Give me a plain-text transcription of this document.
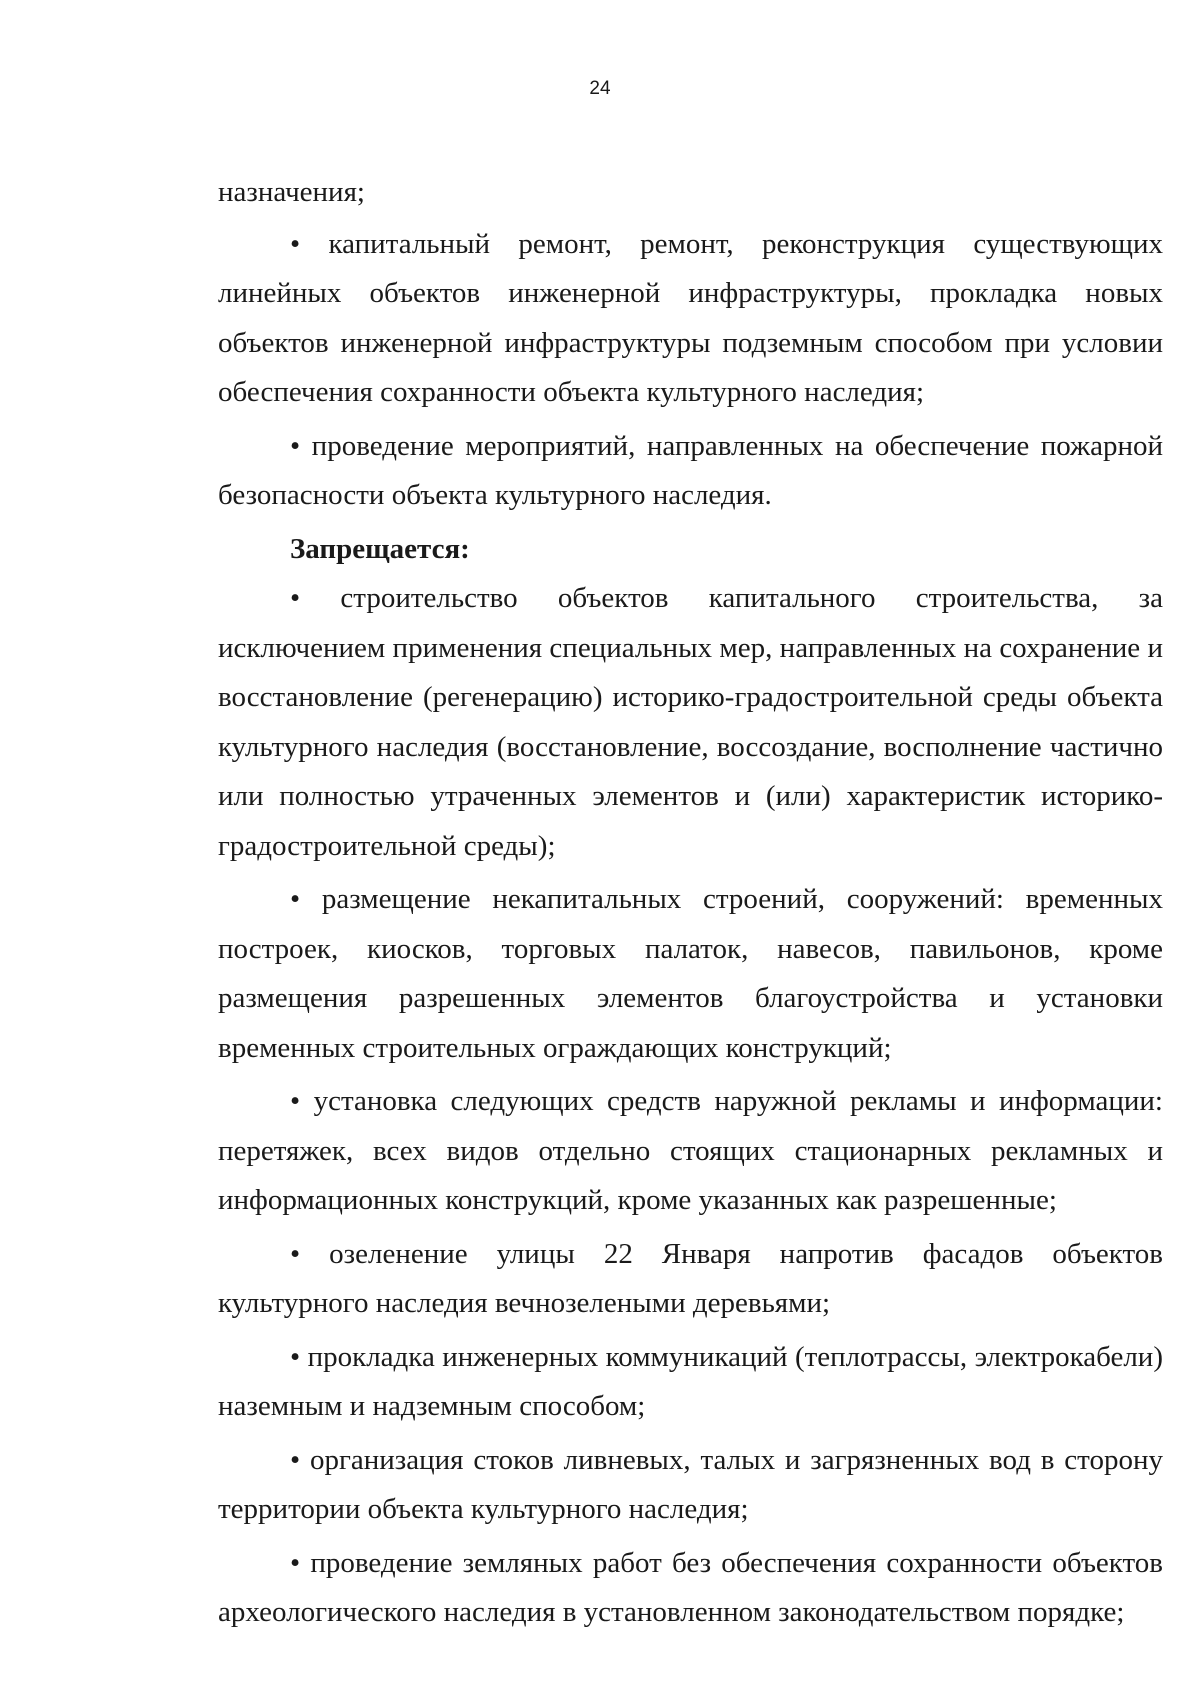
24

назначения;

• капитальный ремонт, ремонт, реконструкция существующих линейных объектов инженерной инфраструктуры, прокладка новых объектов инженерной инфраструктуры подземным способом при условии обеспечения сохранности объекта культурного наследия;

• проведение мероприятий, направленных на обеспечение пожарной безопасности объекта культурного наследия.

Запрещается:

• строительство объектов капитального строительства, за исключением применения специальных мер, направленных на сохранение и восстановление (регенерацию) историко-градостроительной среды объекта культурного наследия (восстановление, воссоздание, восполнение частично или полностью утраченных элементов и (или) характеристик историко-градостроительной среды);

• размещение некапитальных строений, сооружений: временных построек, киосков, торговых палаток, навесов, павильонов, кроме размещения разрешенных элементов благоустройства и установки временных строительных ограждающих конструкций;

• установка следующих средств наружной рекламы и информации: перетяжек, всех видов отдельно стоящих стационарных рекламных и информационных конструкций, кроме указанных как разрешенные;

• озеленение улицы 22 Января напротив фасадов объектов культурного наследия вечнозелеными деревьями;

• прокладка инженерных коммуникаций (теплотрассы, электрокабели) наземным и надземным способом;

• организация стоков ливневых, талых и загрязненных вод в сторону территории объекта культурного наследия;

• проведение земляных работ без обеспечения сохранности объектов археологического наследия в установленном законодательством порядке;
